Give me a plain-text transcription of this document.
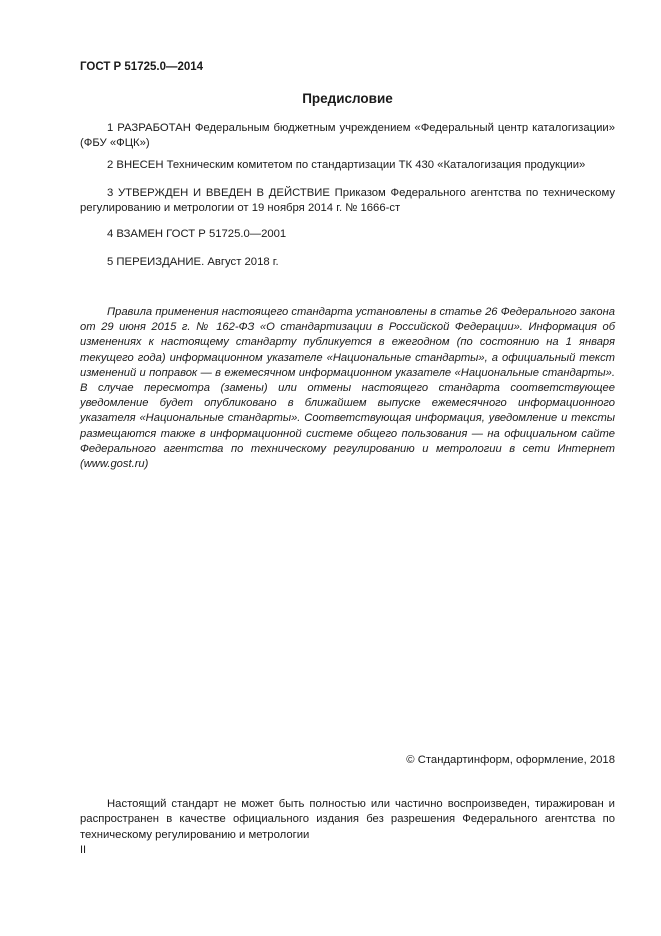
ГОСТ Р 51725.0—2014
Предисловие

1 РАЗРАБОТАН Федеральным бюджетным учреждением «Федеральный центр каталогизации» (ФБУ «ФЦК»)

2 ВНЕСЕН Техническим комитетом по стандартизации ТК 430 «Каталогизация продукции»

3 УТВЕРЖДЕН И ВВЕДЕН В ДЕЙСТВИЕ Приказом Федерального агентства по техническому регулированию и метрологии от 19 ноября 2014 г. № 1666-ст

4 ВЗАМЕН ГОСТ Р 51725.0—2001

5 ПЕРЕИЗДАНИЕ. Август 2018 г.

Правила применения настоящего стандарта установлены в статье 26 Федерального закона от 29 июня 2015 г. № 162-ФЗ «О стандартизации в Российской Федерации». Информация об изменениях к настоящему стандарту публикуется в ежегодном (по состоянию на 1 января текущего года) информационном указателе «Национальные стандарты», а официальный текст изменений и поправок — в ежемесячном информационном указателе «Национальные стандарты». В случае пересмотра (замены) или отмены настоящего стандарта соответствующее уведомление будет опубликовано в ближайшем выпуске ежемесячного информационного указателя «Национальные стандарты». Соответствующая информация, уведомление и тексты размещаются также в информационной системе общего пользования — на официальном сайте Федерального агентства по техническому регулированию и метрологии в сети Интернет (www.gost.ru)

© Стандартинформ, оформление, 2018

Настоящий стандарт не может быть полностью или частично воспроизведен, тиражирован и распространен в качестве официального издания без разрешения Федерального агентства по техническому регулированию и метрологии

II
